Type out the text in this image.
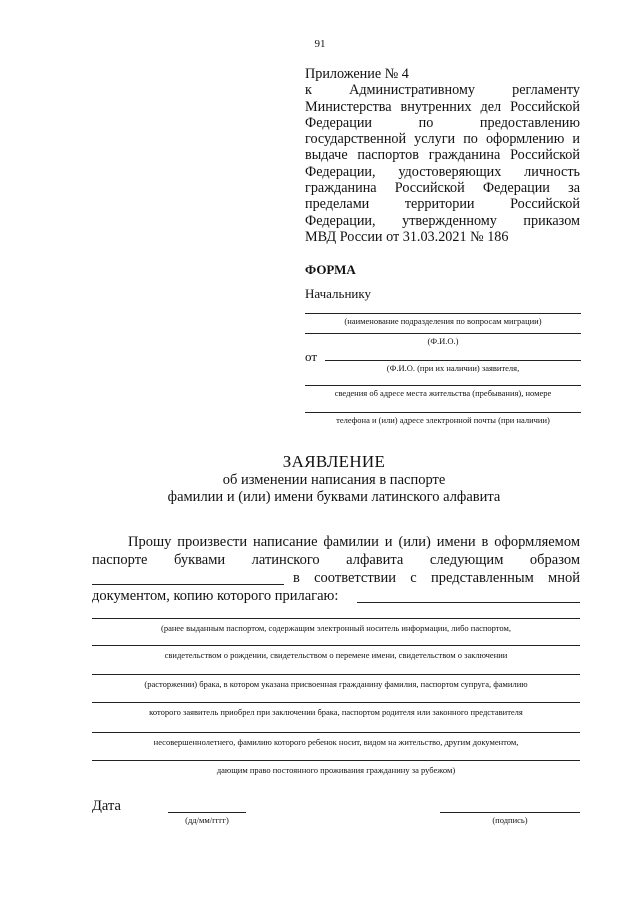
91
Приложение № 4
к Административному регламенту
Министерства внутренних дел Российской
Федерации по предоставлению
государственной услуги по оформлению и
выдаче паспортов гражданина Российской
Федерации, удостоверяющих личность
гражданина Российской Федерации за
пределами территории Российской
Федерации, утвержденному приказом
МВД России от 31.03.2021 № 186
ФОРМА
Начальнику
(наименование подразделения по вопросам миграции)
(Ф.И.О.)
от
(Ф.И.О. (при их наличии) заявителя,
сведения об адресе места жительства (пребывания), номере
телефона и (или) адресе электронной почты (при наличии)
ЗАЯВЛЕНИЕ
об изменении написания в паспорте
фамилии и (или) имени буквами латинского алфавита
Прошу произвести написание фамилии и (или) имени в оформляемом
паспорте буквами латинского алфавита следующим образом
в соответствии с представленным мной
документом, копию которого прилагаю:
(ранее выданным паспортом, содержащим электронный носитель информации, либо паспортом,
свидетельством о рождении, свидетельством о перемене имени, свидетельством о заключении
(расторжении) брака, в котором указана присвоенная гражданину фамилия, паспортом супруга, фамилию
которого заявитель приобрел при заключении брака, паспортом родителя или законного представителя
несовершеннолетнего, фамилию которого ребенок носит, видом на жительство, другим документом,
дающим право постоянного проживания гражданину за рубежом)
Дата
(дд/мм/гггг)	(подпись)
